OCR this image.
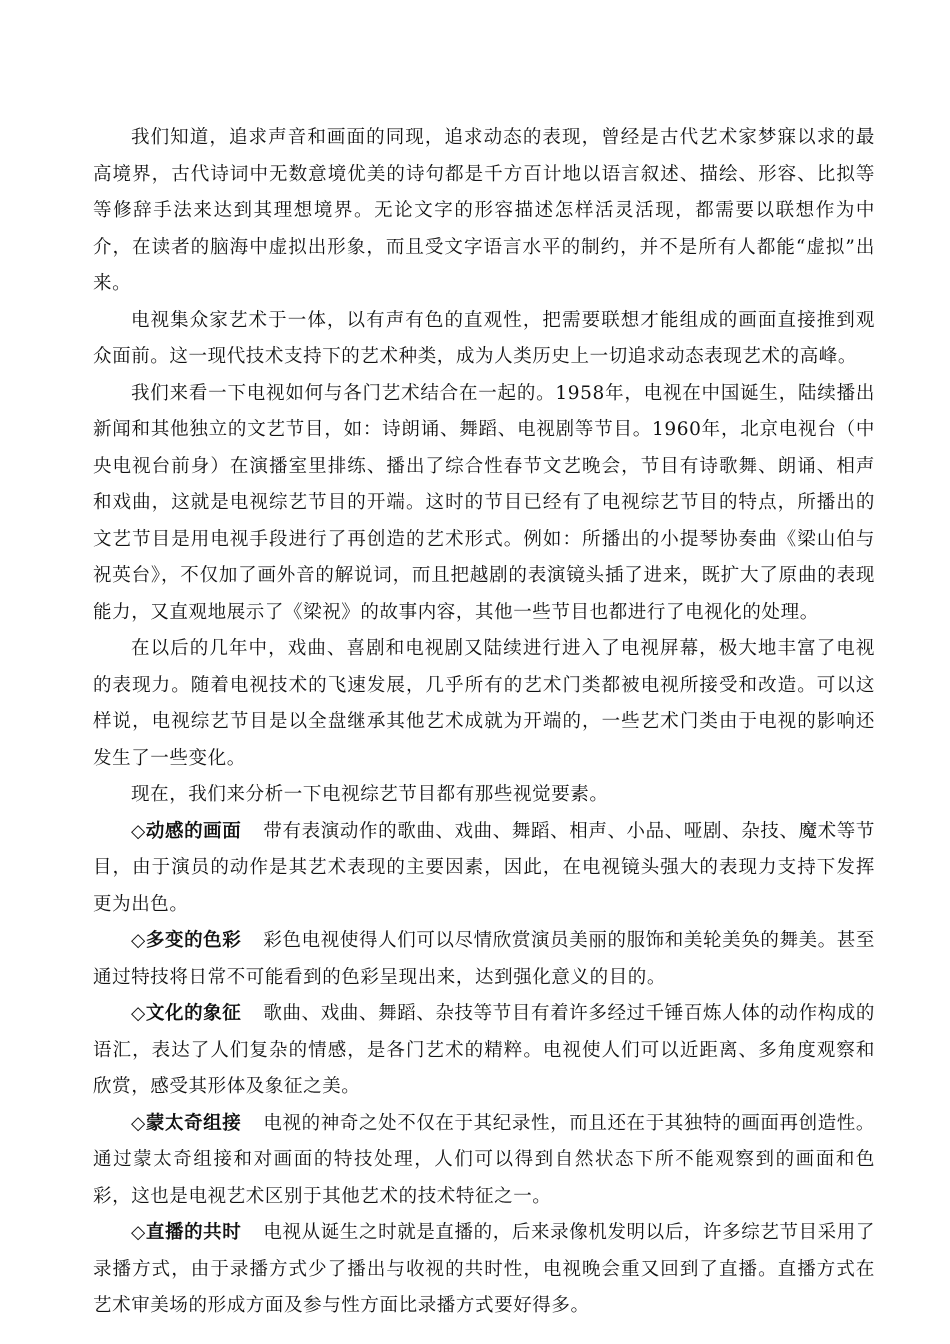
我们知道，追求声音和画面的同现，追求动态的表现，曾经是古代艺术家梦寐以求的最高境界，古代诗词中无数意境优美的诗句都是千方百计地以语言叙述、描绘、形容、比拟等等修辞手法来达到其理想境界。无论文字的形容描述怎样活灵活现，都需要以联想作为中介，在读者的脑海中虚拟出形象，而且受文字语言水平的制约，并不是所有人都能“虚拟”出来。

电视集众家艺术于一体，以有声有色的直观性，把需要联想才能组成的画面直接推到观众面前。这一现代技术支持下的艺术种类，成为人类历史上一切追求动态表现艺术的高峰。

我们来看一下电视如何与各门艺术结合在一起的。1958年，电视在中国诞生，陆续播出新闻和其他独立的文艺节目，如：诗朗诵、舞蹈、电视剧等节目。1960年，北京电视台（中央电视台前身）在演播室里排练、播出了综合性春节文艺晚会，节目有诗歌舞、朗诵、相声和戏曲，这就是电视综艺节目的开端。这时的节目已经有了电视综艺节目的特点，所播出的文艺节目是用电视手段进行了再创造的艺术形式。例如：所播出的小提琴协奏曲《梁山伯与祝英台》，不仅加了画外音的解说词，而且把越剧的表演镜头插了进来，既扩大了原曲的表现能力，又直观地展示了《梁祝》的故事内容，其他一些节目也都进行了电视化的处理。

在以后的几年中，戏曲、喜剧和电视剧又陆续进行进入了电视屏幕，极大地丰富了电视的表现力。随着电视技术的飞速发展，几乎所有的艺术门类都被电视所接受和改造。可以这样说，电视综艺节目是以全盘继承其他艺术成就为开端的，一些艺术门类由于电视的影响还发生了一些变化。

现在，我们来分析一下电视综艺节目都有那些视觉要素。

◇动感的画面 带有表演动作的歌曲、戏曲、舞蹈、相声、小品、哑剧、杂技、魔术等节目，由于演员的动作是其艺术表现的主要因素，因此，在电视镜头强大的表现力支持下发挥更为出色。

◇多变的色彩 彩色电视使得人们可以尽情欣赏演员美丽的服饰和美轮美奂的舞美。甚至通过特技将日常不可能看到的色彩呈现出来，达到强化意义的目的。

◇文化的象征 歌曲、戏曲、舞蹈、杂技等节目有着许多经过千锤百炼人体的动作构成的语汇，表达了人们复杂的情感，是各门艺术的精粹。电视使人们可以近距离、多角度观察和欣赏，感受其形体及象征之美。

◇蒙太奇组接 电视的神奇之处不仅在于其纪录性，而且还在于其独特的画面再创造性。通过蒙太奇组接和对画面的特技处理，人们可以得到自然状态下所不能观察到的画面和色彩，这也是电视艺术区别于其他艺术的技术特征之一。

◇直播的共时 电视从诞生之时就是直播的，后来录像机发明以后，许多综艺节目采用了录播方式，由于录播方式少了播出与收视的共时性，电视晚会重又回到了直播。直播方式在艺术审美场的形成方面及参与性方面比录播方式要好得多。
